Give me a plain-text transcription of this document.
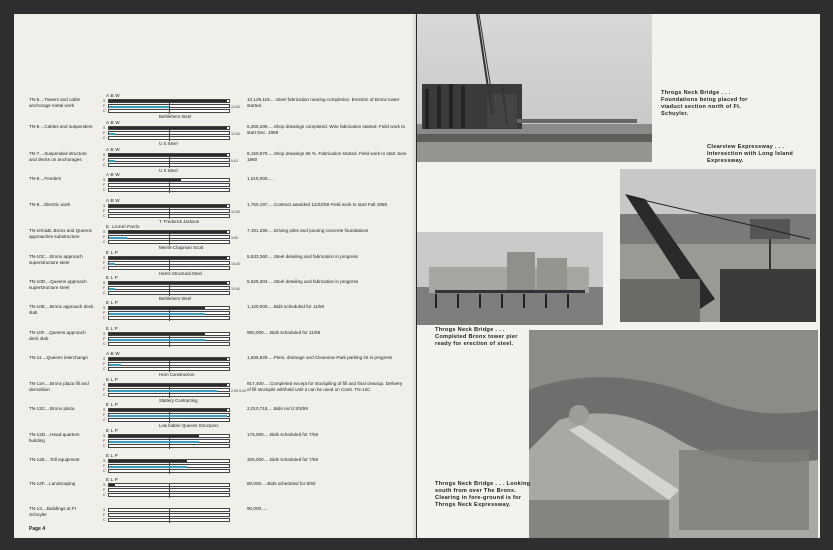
TN-5....Towers and cable anchorage metal work
A B W
S
F
C
Bethlehem Steel
12-60
10,129,119.....Steel fabrication nearing completion. Erection of Bronx tower started
TN-6....Cables and suspenders
A B W
S
F
C
U S Steel
12-60
6,258,339.....Shop drawings completed. Wire fabrication started. Field work to start Dec. 1959
TN-7....Suspended structure and decks on anchorages
A B W
S
F
C
U S Steel
6-61
9,150,970.....Shop drawings 65 %. Fabrication started. Field work to start June 1960
TN-8....Fenders
A B W
S
F
C
1,015,000.....
TN-9....Electric work
A B W
S
F
C
T. Frederick Jackson
12-60
1,750,197.....Contract awarded 12/22/58 Field work to start Fall 1959
TN-10A&B..Bronx and Queens approaches substructure
E. Lionel Pavlo
S
F
C
Merritt-Chapman Scott
3-60
7,191,290.....Driving piles and pouring concrete foundations
TN-10C....Bronx approach superstructure steel
E L P
S
F
C
Harris Structural Steel
10-60
5,533,360.....Steel detailing and fabrication in progress
TN-10D....Queens approach superstructure steel
E L P
S
F
C
Bethlehem Steel
10-60
5,626,304.....Steel detailing and fabrication in progress
TN-10E....Bronx approach deck slab
E L P
S
F
C
1,120,000.....Bids scheduled for 11/59
TN-10F....Queens approach deck slab
E L P
S
F
C
960,000.....Bids scheduled for 11/59
TN-11....Queens interchange
A B W
S
F
C
Horn Construction
1,935,829.....Piers, drainage and Clearview Park parking lot in progress
TN-12A....Bronx plaza fill and demolition
E L P
S
F
C
Slattery Contracting
2-59 6-59
917,400.....Completed except for stockpiling of fill and final cleanup. Delivery of fill stockpile withheld until it can be used on Contr. TN-12C
TN-12C....Bronx plaza
E L P
S
F
C
Low bidder-Queens Structures
2,010,718.....Bids rec'd 3/3/59
TN-12D....Head-quarters building
E L P
S
F
C
176,000.....Bids scheduled for 7/59
TN-12E....Toll equipment
E L P
S
F
C
325,000.....Bids scheduled for 7/59
TN-12F....Landscaping
E L P
S
F
C
80,000.....Bids scheduled for 8/60
TN-13....Buildings at Ft Schuyler
S
F
C
90,000.....
Page 4
Throgs Neck Bridge . . . Foundations being placed for viaduct section north of Ft. Schuyler.
Clearview Expressway . . . Intersection with Long Island Expressway.
Throgs Neck Bridge . . . Completed Bronx tower pier ready for erection of steel.
Throgs Neck Bridge . . . Looking south from over The Bronx. Clearing in fore-ground is for Throgs Neck Expressway.
